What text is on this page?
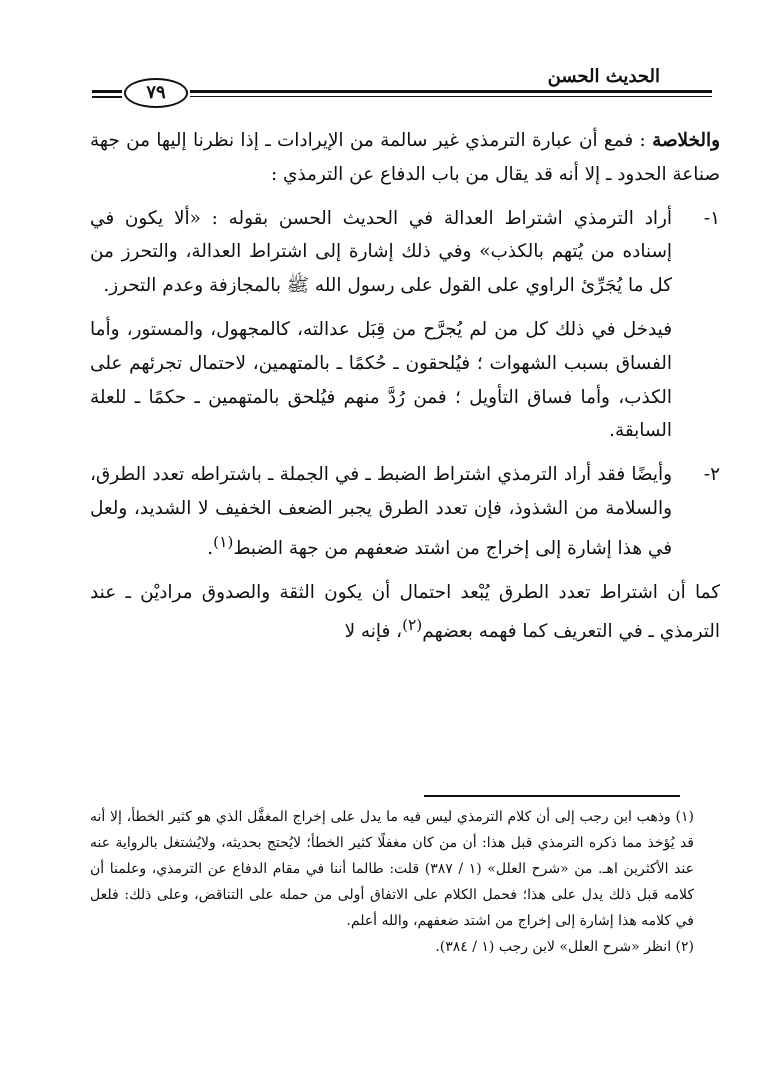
الحديث الحسن
٧٩

والخلاصة : فمع أن عبارة الترمذي غير سالمة من الإيرادات ـ إذا نظرنا إليها من جهة صناعة الحدود ـ إلا أنه قد يقال من باب الدفاع عن الترمذي :

١-
أراد الترمذي اشتراط العدالة في الحديث الحسن بقوله : «ألا يكون في إسناده من يُتهم بالكذب» وفي ذلك إشارة إلى اشتراط العدالة، والتحرز من كل ما يُجَرِّئ الراوي على القول على رسول الله ﷺ بالمجازفة وعدم التحرز.

فيدخل في ذلك كل من لم يُجرَّح من قِبَل عدالته، كالمجهول، والمستور، وأما الفساق بسبب الشهوات ؛ فيُلحقون ـ حُكمًا ـ بالمتهمين، لاحتمال تجرئهم على الكذب، وأما فساق التأويل ؛ فمن رُدَّ منهم فيُلحق بالمتهمين ـ حكمًا ـ للعلة السابقة.

٢-
وأيضًا فقد أراد الترمذي اشتراط الضبط ـ في الجملة ـ باشتراطه تعدد الطرق، والسلامة من الشذوذ، فإن تعدد الطرق يجبر الضعف الخفيف لا الشديد، ولعل في هذا إشارة إلى إخراج من اشتد ضعفهم من جهة الضبط$^{(١)}$.

كما أن اشتراط تعدد الطرق يُبْعد احتمال أن يكون الثقة والصدوق مراديْن ـ عند الترمذي ـ في التعريف كما فهمه بعضهم$^{(٢)}$، فإنه لا

(١) وذهب ابن رجب إلى أن كلام الترمذي ليس فيه ما يدل على إخراج المغفَّل الذي هو كثير الخطأ، إلا أنه قد يُؤخذ مما ذكره الترمذي قبل هذا: أن من كان مغفلًا كثير الخطأ؛ لايُحتج بحديثه، ولايُشتغل بالرواية عنه عند الأكثرين اهـ. من «شرح العلل» (١ / ٣٨٧) قلت: طالما أننا في مقام الدفاع عن الترمذي، وعلمنا أن كلامه قبل ذلك يدل على هذا؛ فحمل الكلام على الاتفاق أولى من حمله على التناقض، وعلى ذلك: فلعل في كلامه هذا إشارة إلى إخراج من اشتد ضعفهم، والله أعلم.

(٢) انظر «شرح العلل» لابن رجب (١ / ٣٨٤).
